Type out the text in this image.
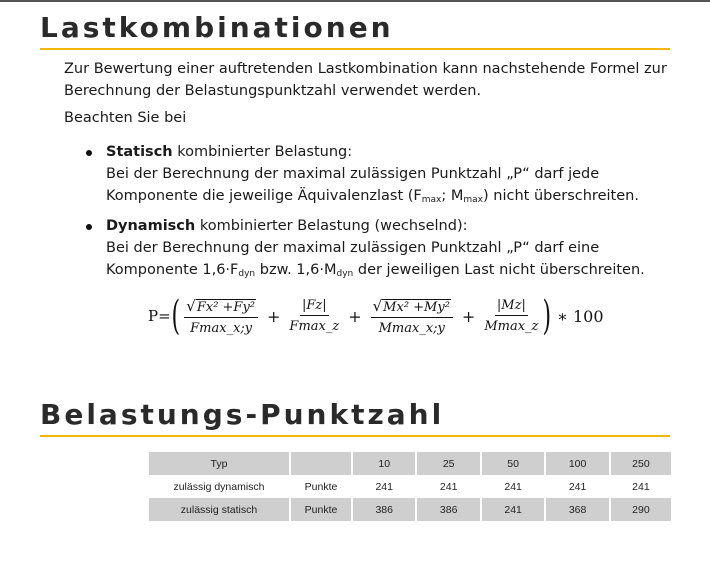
Lastkombinationen

Zur Bewertung einer auftretenden Lastkombination kann nachstehende Formel zur Berechnung der Belastungspunktzahl verwendet werden.

Beachten Sie bei

Statisch kombinierter Belastung:
Bei der Berechnung der maximal zulässigen Punktzahl „P“ darf jede
Komponente die jeweilige Äquivalenzlast ($F_{max}$; $M_{max}$) nicht überschreiten.
Dynamisch kombinierter Belastung (wechselnd):
Bei der Berechnung der maximal zulässigen Punktzahl „P“ darf eine
Komponente $1,6\cdot F_{dyn}$ bzw. $1,6\cdot M_{dyn}$ der jeweiligen Last nicht überschreiten.
P= ( $\frac{\text{√ Fx² +Fy²}}{Fmax\_x;y} + \frac{|Fz|}{Fmax\_z} + \frac{\text{√ Mx² +My²}}{Mmax\_x;y} + \frac{|Mz|}{Mmax\_z}$ ) ∗ 100
Belastungs-Punktzahl
Typ		10	25	50	100	250
zulässig dynamisch	Punkte	241	241	241	241	241
zulässig statisch	Punkte	386	386	241	368	290
